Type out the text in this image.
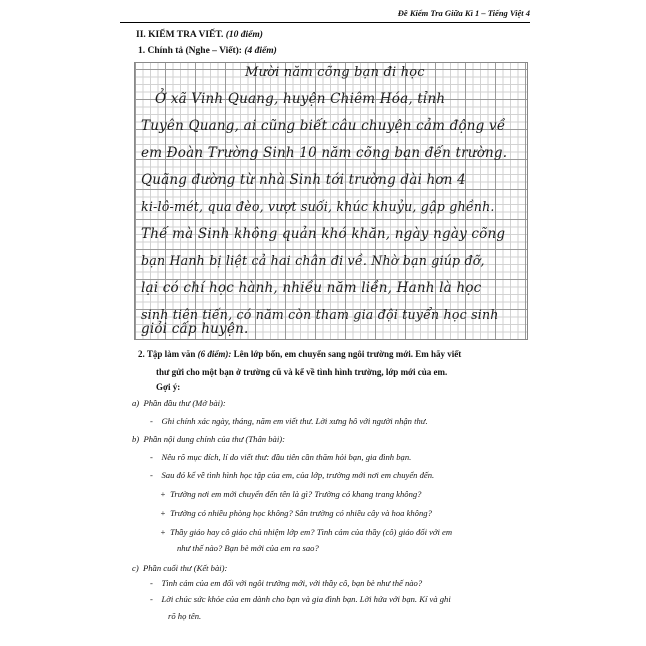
Đề Kiểm Tra Giữa Kì 1 – Tiếng Việt 4
II. KIỂM TRA VIẾT. (10 điểm)
1. Chính tả (Nghe – Viết): (4 điểm)
Mười năm cõng bạn đi học
Ở xã Vinh Quang, huyện Chiêm Hóa, tỉnh
Tuyên Quang, ai cũng biết câu chuyện cảm động về
em Đoàn Trường Sinh 10 năm cõng bạn đến trường.
Quãng đường từ nhà Sinh tới trường dài hơn 4
ki-lô-mét, qua đèo, vượt suối, khúc khuỷu, gập ghềnh.
Thế mà Sinh không quản khó khăn, ngày ngày cõng
bạn Hanh bị liệt cả hai chân đi về. Nhờ bạn giúp đỡ,
lại có chí học hành, nhiều năm liền, Hanh là học
sinh tiên tiến, có năm còn tham gia đội tuyển học sinh
giỏi cấp huyện.
2. Tập làm văn (6 điểm): Lên lớp bốn, em chuyển sang ngôi trường mới. Em hãy viết
thư gửi cho một bạn ở trường cũ và kể về tình hình trường, lớp mới của em.
Gợi ý:
a) Phần đầu thư (Mở bài):
- Ghi chính xác ngày, tháng, năm em viết thư. Lời xưng hô với người nhận thư.
b) Phần nội dung chính của thư (Thân bài):
- Nêu rõ mục đích, lí do viết thư: đầu tiên cần thăm hỏi bạn, gia đình bạn.
- Sau đó kể về tình hình học tập của em, của lớp, trường mới nơi em chuyển đến.
+ Trường nơi em mới chuyển đến tên là gì? Trường có khang trang không?
+ Trường có nhiều phòng học không? Sân trường có nhiều cây và hoa không?
+ Thầy giáo hay cô giáo chủ nhiệm lớp em? Tình cảm của thầy (cô) giáo đối với em
như thế nào? Bạn bè mới của em ra sao?
c) Phần cuối thư (Kết bài):
- Tình cảm của em đối với ngôi trường mới, với thầy cô, bạn bè như thế nào?
- Lời chúc sức khỏe của em dành cho bạn và gia đình bạn. Lời hứa với bạn. Kí và ghi
rõ họ tên.
